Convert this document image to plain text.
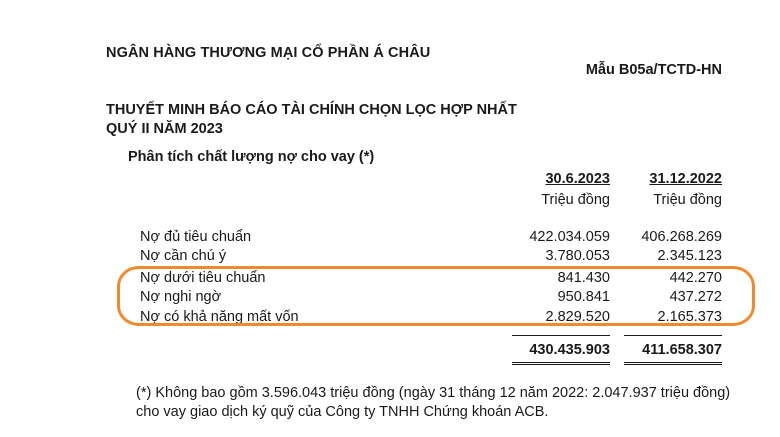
NGÂN HÀNG THƯƠNG MẠI CỔ PHẦN Á CHÂU
Mẫu B05a/TCTD-HN
THUYẾT MINH BÁO CÁO TÀI CHÍNH CHỌN LỌC HỢP NHẤT
QUÝ II NĂM 2023
Phân tích chất lượng nợ cho vay (*)
30.6.2023	31.12.2022
Triệu đồng	Triệu đồng
Nợ đủ tiêu chuẩn	422.034.059 406.268.269
Nợ cần chú ý	3.780.053	2.345.123
Nợ dưới tiêu chuẩn	841.430	442.270
Nợ nghi ngờ	950.841	437.272
Nợ có khả năng mất vốn	2.829.520	2.165.373
430.435.903 411.658.307
(*) Không bao gồm 3.596.043 triệu đồng (ngày 31 tháng 12 năm 2022: 2.047.937 triệu đồng)
cho vay giao dịch ký quỹ của Công ty TNHH Chứng khoán ACB.
